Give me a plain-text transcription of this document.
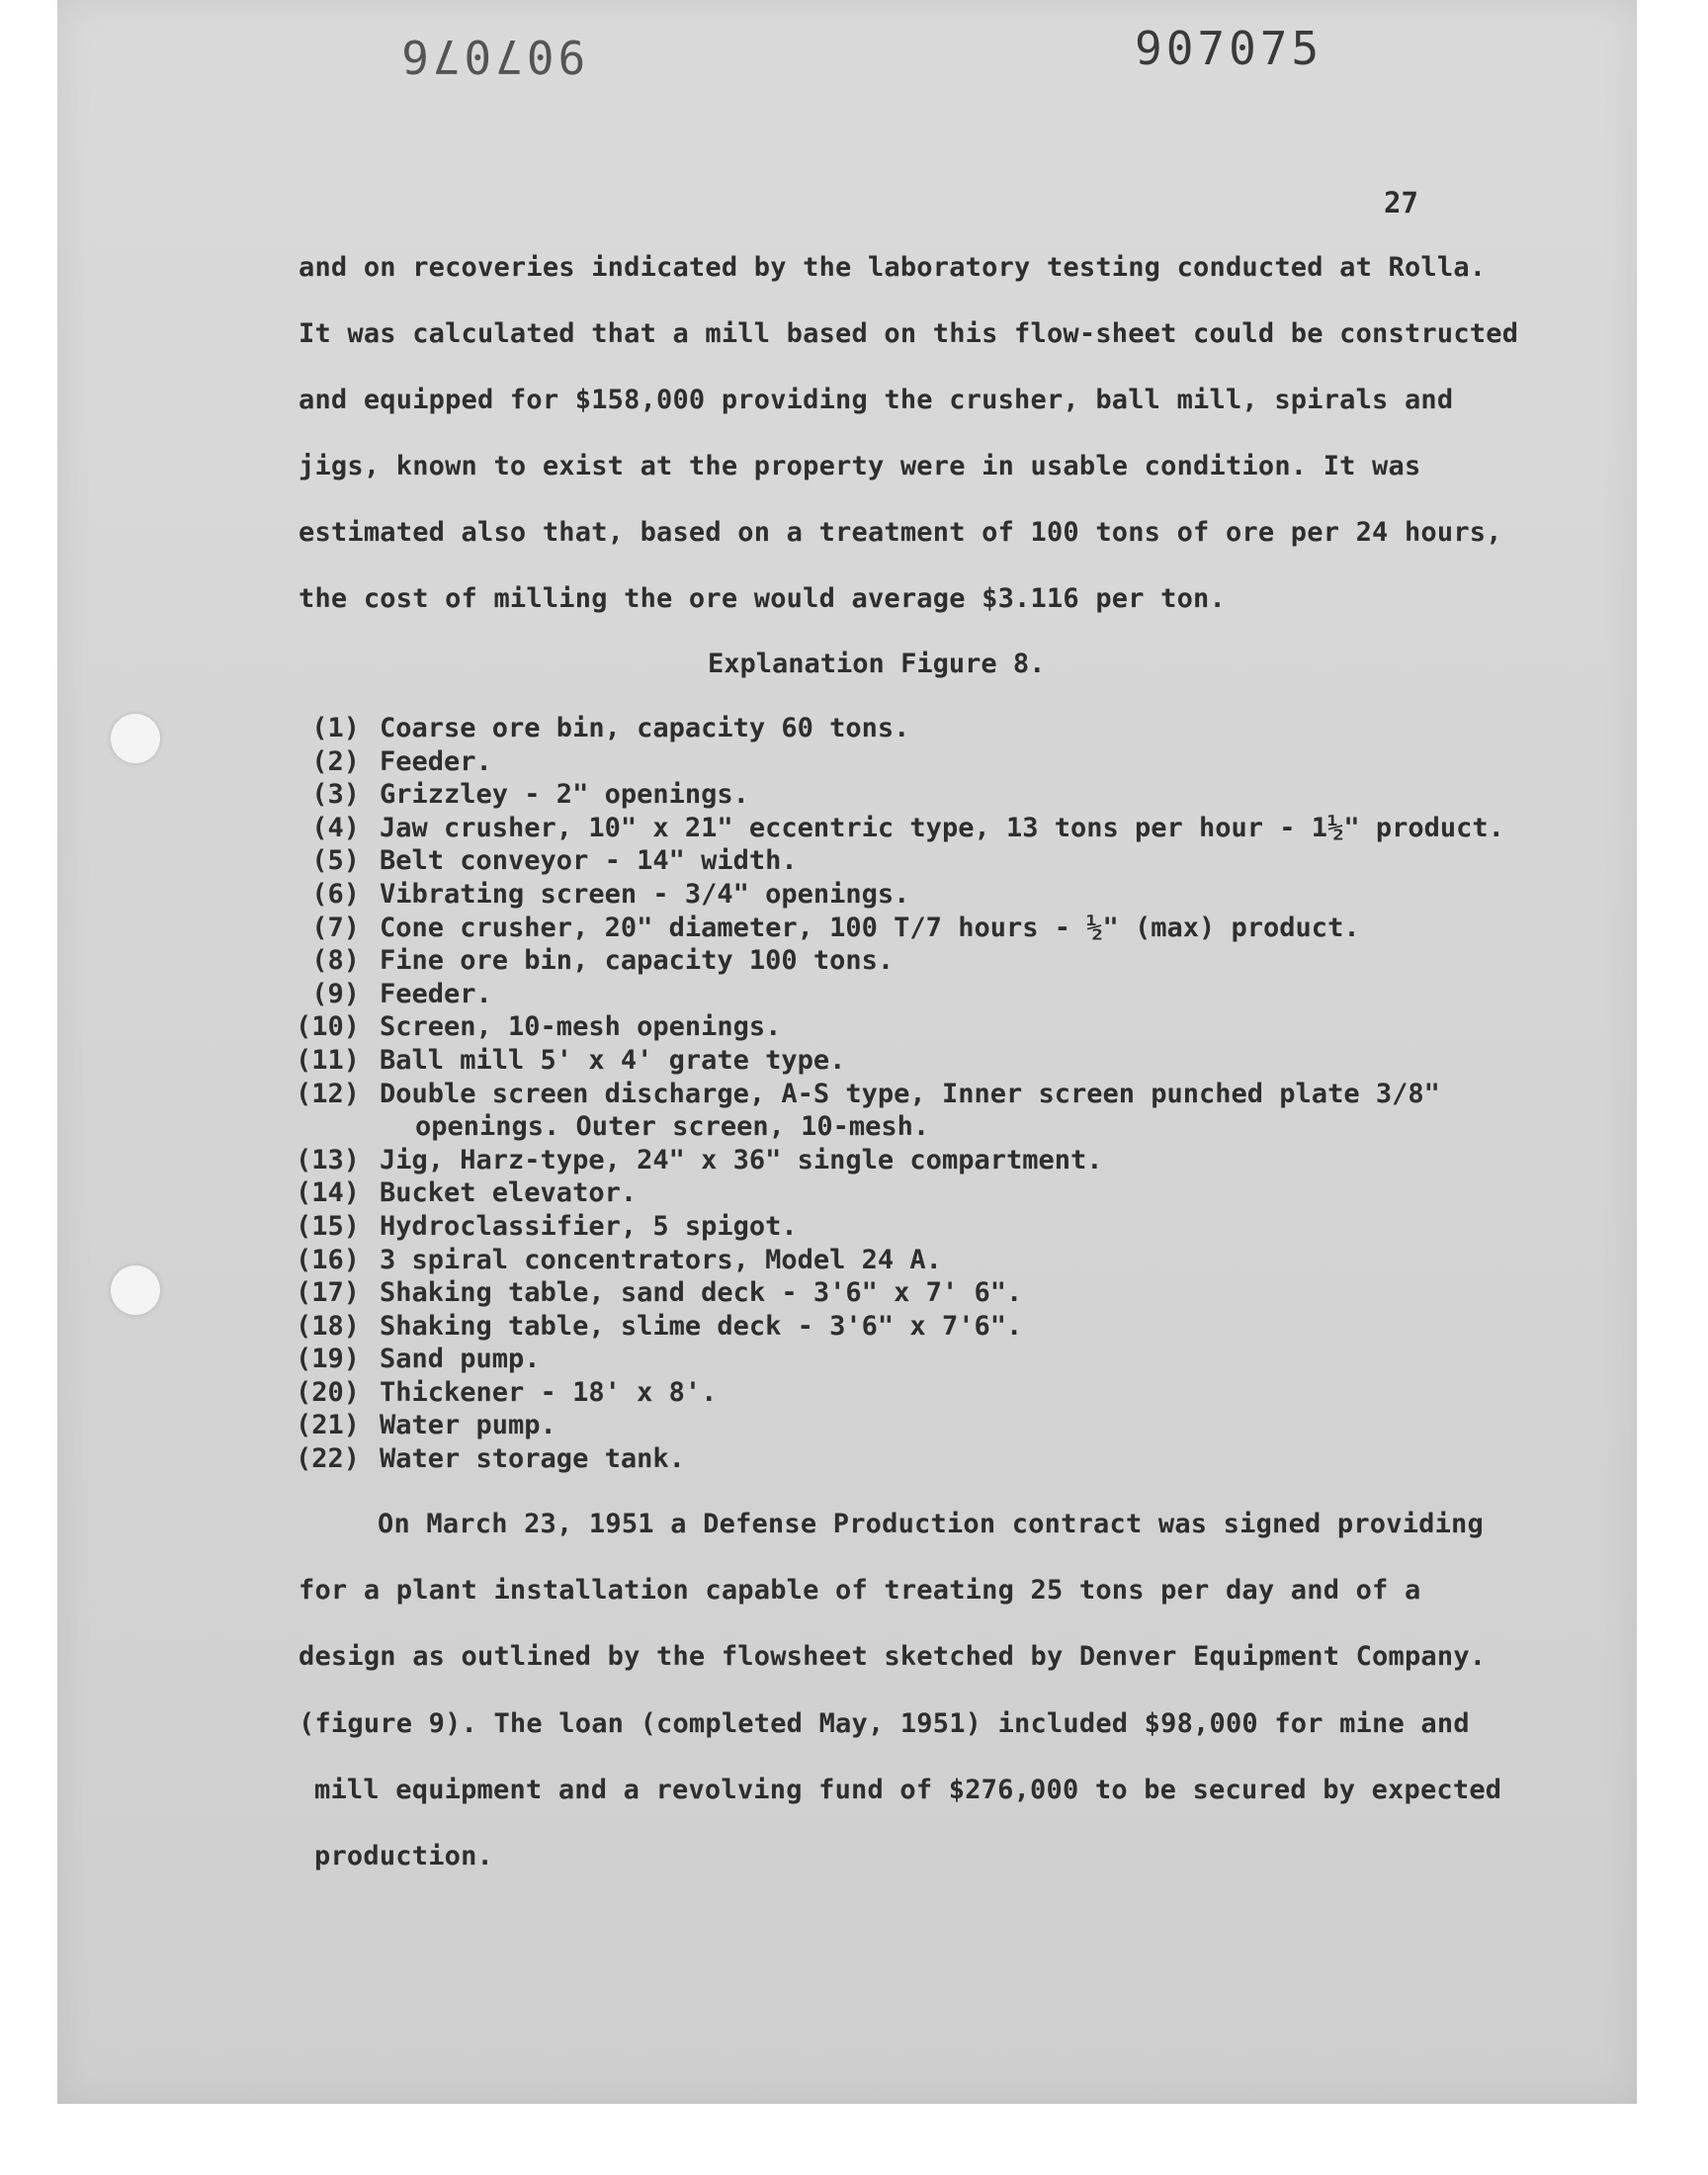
907076	907075
27
and on recoveries indicated by the laboratory testing conducted at Rolla.
It was calculated that a mill based on this flow-sheet could be constructed
and equipped for $158,000 providing the crusher, ball mill, spirals and
jigs, known to exist at the property were in usable condition. It was
estimated also that, based on a treatment of 100 tons of ore per 24 hours,
the cost of milling the ore would average $3.116 per ton.
Explanation Figure 8.
(1) Coarse ore bin, capacity 60 tons.
(2) Feeder.
(3) Grizzley - 2" openings.
(4) Jaw crusher, 10" x 21" eccentric type, 13 tons per hour - 1½" product.
(5) Belt conveyor - 14" width.
(6) Vibrating screen - 3/4" openings.
(7) Cone crusher, 20" diameter, 100 T/7 hours - ½" (max) product.
(8) Fine ore bin, capacity 100 tons.
(9) Feeder.
(10) Screen, 10-mesh openings.
(11) Ball mill 5' x 4' grate type.
(12) Double screen discharge, A-S type, Inner screen punched plate 3/8"
openings. Outer screen, 10-mesh.
(13) Jig, Harz-type, 24" x 36" single compartment.
(14) Bucket elevator.
(15) Hydroclassifier, 5 spigot.
(16) 3 spiral concentrators, Model 24 A.
(17) Shaking table, sand deck - 3'6" x 7' 6".
(18) Shaking table, slime deck - 3'6" x 7'6".
(19) Sand pump.
(20) Thickener - 18' x 8'.
(21) Water pump.
(22) Water storage tank.
On March 23, 1951 a Defense Production contract was signed providing
for a plant installation capable of treating 25 tons per day and of a
design as outlined by the flowsheet sketched by Denver Equipment Company.
(figure 9). The loan (completed May, 1951) included $98,000 for mine and
mill equipment and a revolving fund of $276,000 to be secured by expected
production.
